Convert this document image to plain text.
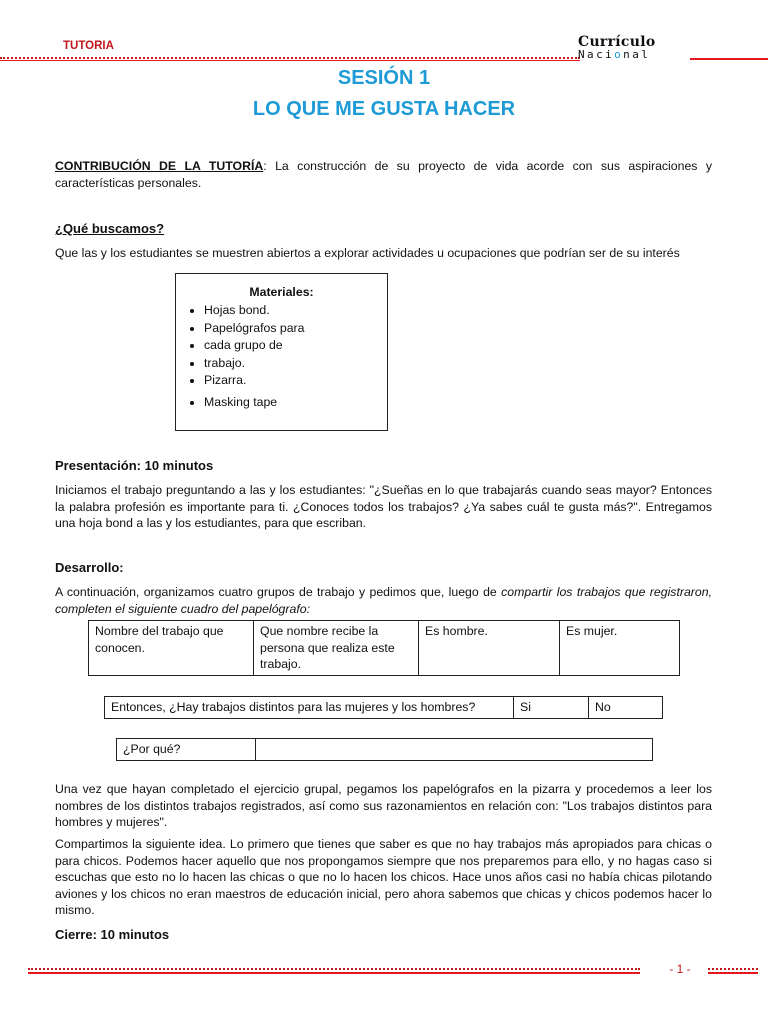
TUTORIA	Currículo
Nacional
SESIÓN 1
LO QUE ME GUSTA HACER
CONTRIBUCIÓN DE LA TUTORÍA: La construcción de su proyecto de vida acorde con sus aspiraciones y características personales.
¿Qué buscamos?
Que las y los estudiantes se muestren abiertos a explorar actividades u ocupaciones que podrían ser de su interés
Materiales:
• Hojas bond.
• Papelógrafos para
• cada grupo de
• trabajo.
• Pizarra.
• Masking tape
Presentación: 10 minutos
Iniciamos el trabajo preguntando a las y los estudiantes: "¿Sueñas en lo que trabajarás cuando seas mayor? Entonces la palabra profesión es importante para ti. ¿Conoces todos los trabajos? ¿Ya sabes cuál te gusta más?". Entregamos una hoja bond a las y los estudiantes, para que escriban.
Desarrollo:
A continuación, organizamos cuatro grupos de trabajo y pedimos que, luego de compartir los trabajos que registraron, completen el siguiente cuadro del papelógrafo:
Nombre del trabajo que conocen.	Que nombre recibe la persona que realiza este trabajo.	Es hombre.	Es mujer.
Entonces, ¿Hay trabajos distintos para las mujeres y los hombres?	Si	No
¿Por qué?	
Una vez que hayan completado el ejercicio grupal, pegamos los papelógrafos en la pizarra y procedemos a leer los nombres de los distintos trabajos registrados, así como sus razonamientos en relación con: "Los trabajos distintos para hombres y mujeres".
Compartimos la siguiente idea. Lo primero que tienes que saber es que no hay trabajos más apropiados para chicas o para chicos. Podemos hacer aquello que nos propongamos siempre que nos preparemos para ello, y no hagas caso si escuchas que esto no lo hacen las chicas o que no lo hacen los chicos. Hace unos años casi no había chicas pilotando aviones y los chicos no eran maestros de educación inicial, pero ahora sabemos que chicas y chicos podemos hacer lo mismo.
Cierre: 10 minutos
- 1 -
